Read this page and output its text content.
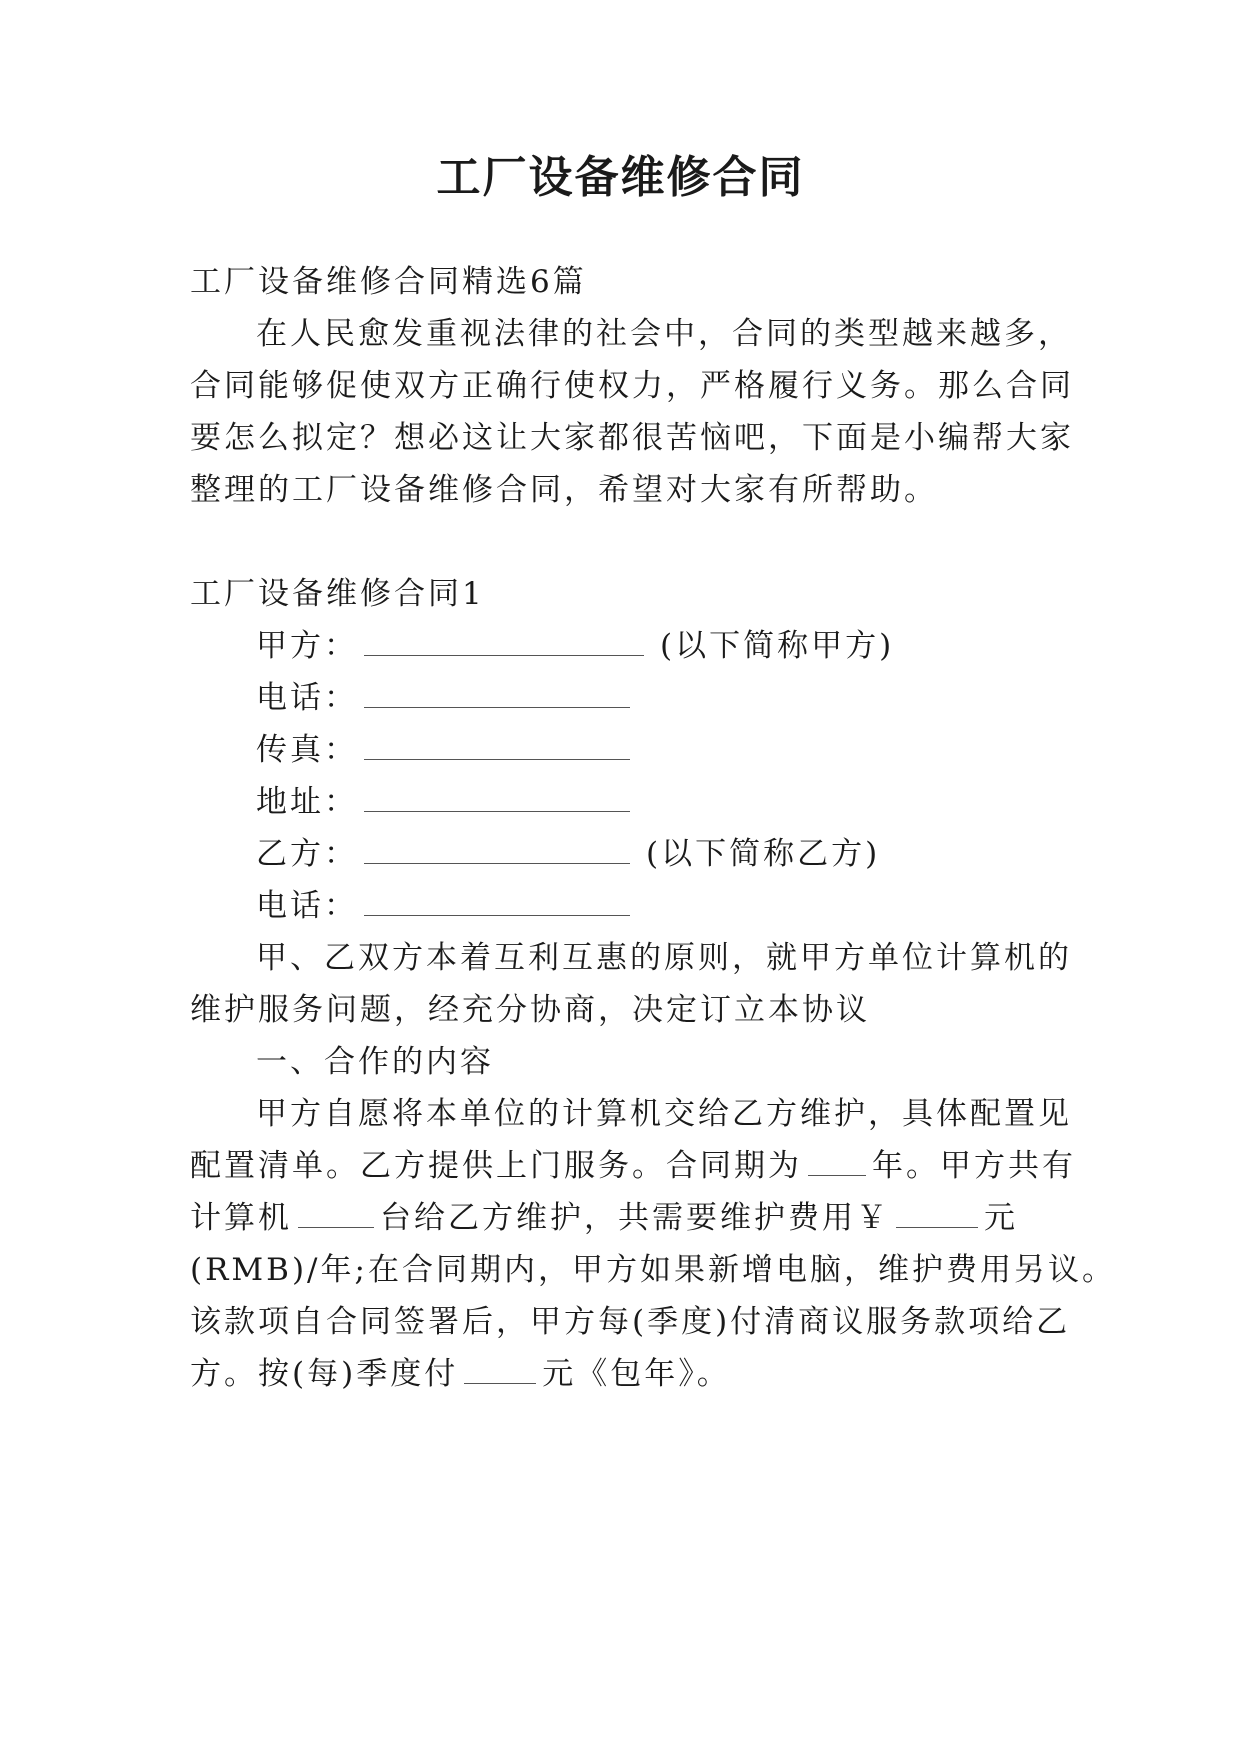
工厂设备维修合同
工厂设备维修合同精选6篇
在人民愈发重视法律的社会中，合同的类型越来越多，
合同能够促使双方正确行使权力，严格履行义务。那么合同
要怎么拟定？想必这让大家都很苦恼吧，下面是小编帮大家
整理的工厂设备维修合同，希望对大家有所帮助。
工厂设备维修合同1
甲方：	(以下简称甲方)
电话：
传真：
地址：
乙方：	(以下简称乙方)
电话：
甲、乙双方本着互利互惠的原则，就甲方单位计算机的
维护服务问题，经充分协商，决定订立本协议
一、合作的内容
甲方自愿将本单位的计算机交给乙方维护，具体配置见
配置清单。乙方提供上门服务。合同期为 年。甲方共有
计算机	台给乙方维护，共需要维护费用￥	元
(RMB)/年;在合同期内，甲方如果新增电脑，维护费用另议。
该款项自合同签署后，甲方每(季度)付清商议服务款项给乙
方。按(每)季度付	元《包年》。
